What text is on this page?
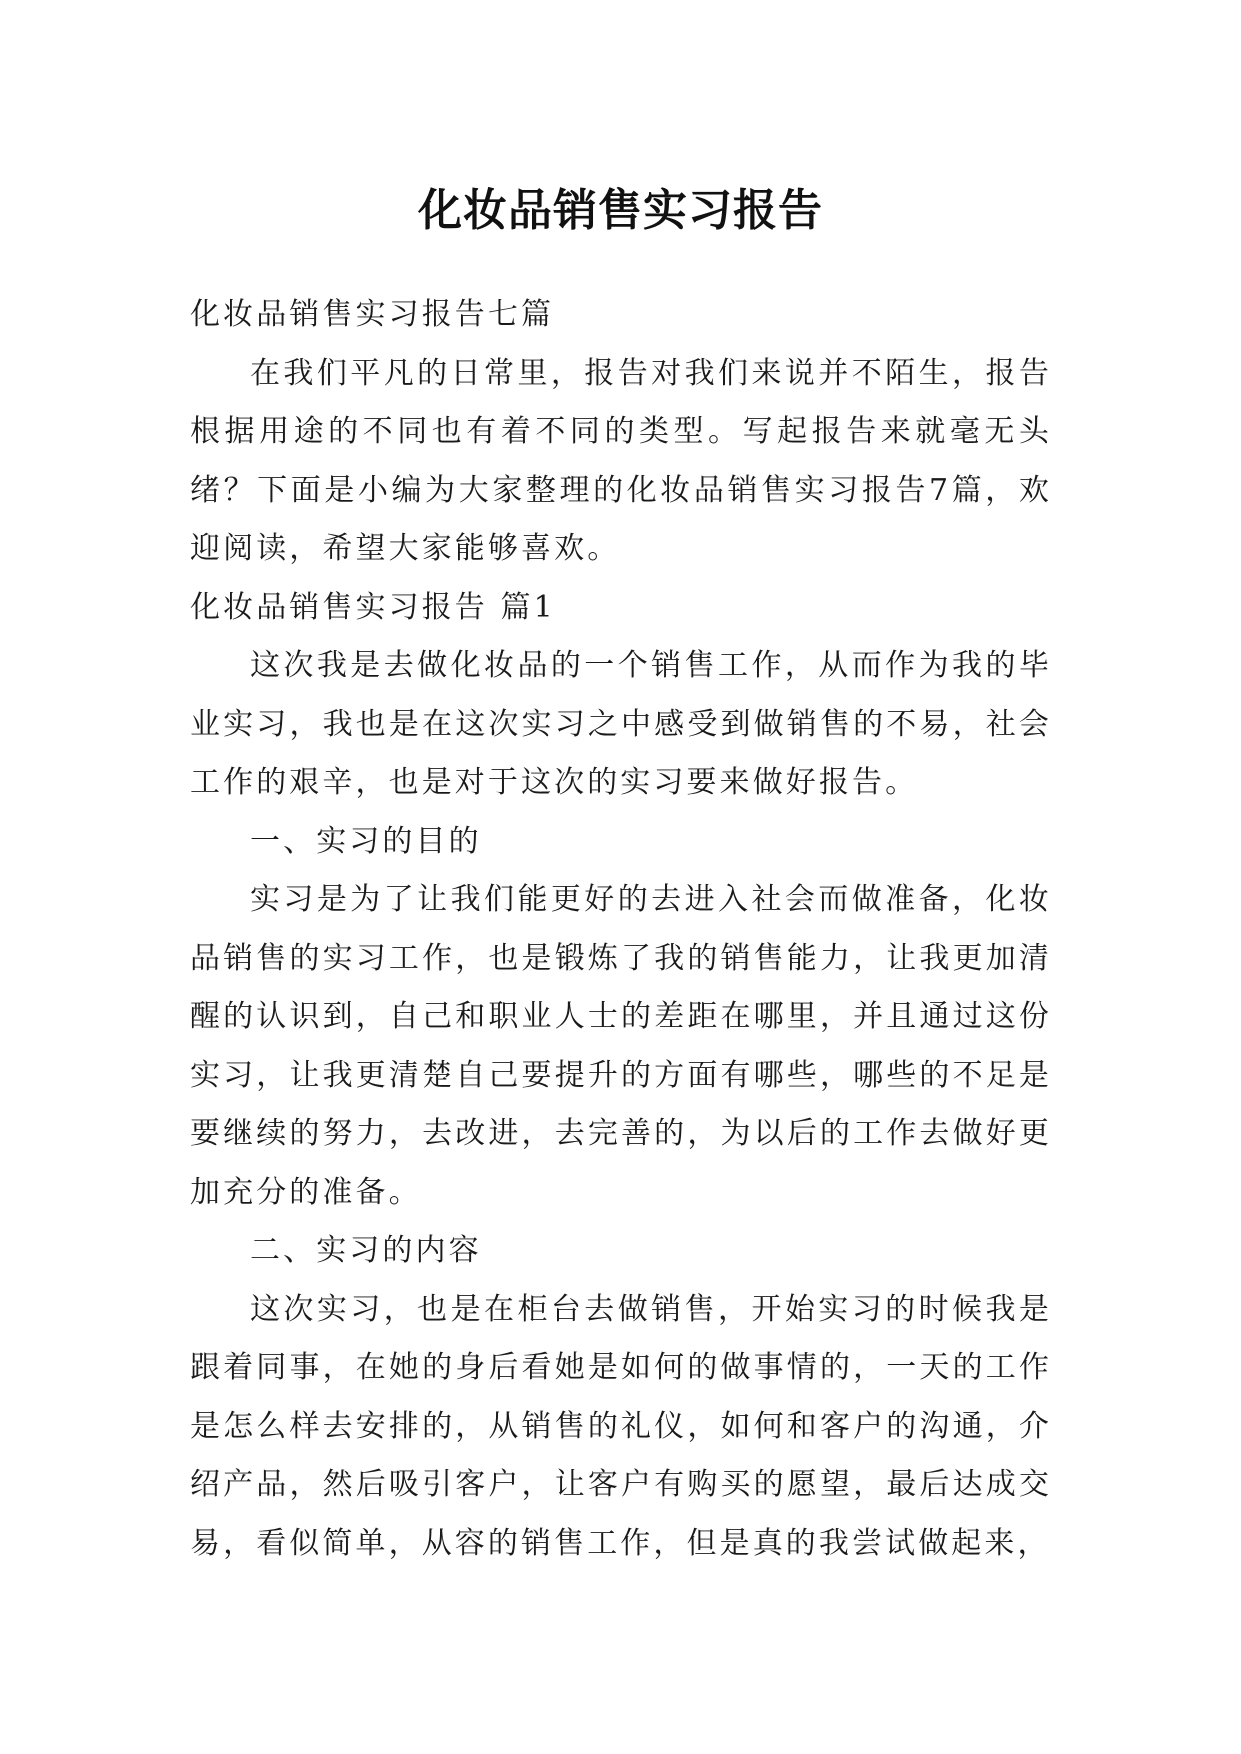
化妆品销售实习报告

化妆品销售实习报告七篇

在我们平凡的日常里，报告对我们来说并不陌生，报告根据用途的不同也有着不同的类型。写起报告来就毫无头绪？下面是小编为大家整理的化妆品销售实习报告7篇，欢迎阅读，希望大家能够喜欢。

化妆品销售实习报告 篇1

这次我是去做化妆品的一个销售工作，从而作为我的毕业实习，我也是在这次实习之中感受到做销售的不易，社会工作的艰辛，也是对于这次的实习要来做好报告。

一、实习的目的

实习是为了让我们能更好的去进入社会而做准备，化妆品销售的实习工作，也是锻炼了我的销售能力，让我更加清醒的认识到，自己和职业人士的差距在哪里，并且通过这份实习，让我更清楚自己要提升的方面有哪些，哪些的不足是要继续的努力，去改进，去完善的，为以后的工作去做好更加充分的准备。

二、实习的内容

这次实习，也是在柜台去做销售，开始实习的时候我是跟着同事，在她的身后看她是如何的做事情的，一天的工作是怎么样去安排的，从销售的礼仪，如何和客户的沟通，介绍产品，然后吸引客户，让客户有购买的愿望，最后达成交易，看似简单，从容的销售工作，但是真的我尝试做起来，
